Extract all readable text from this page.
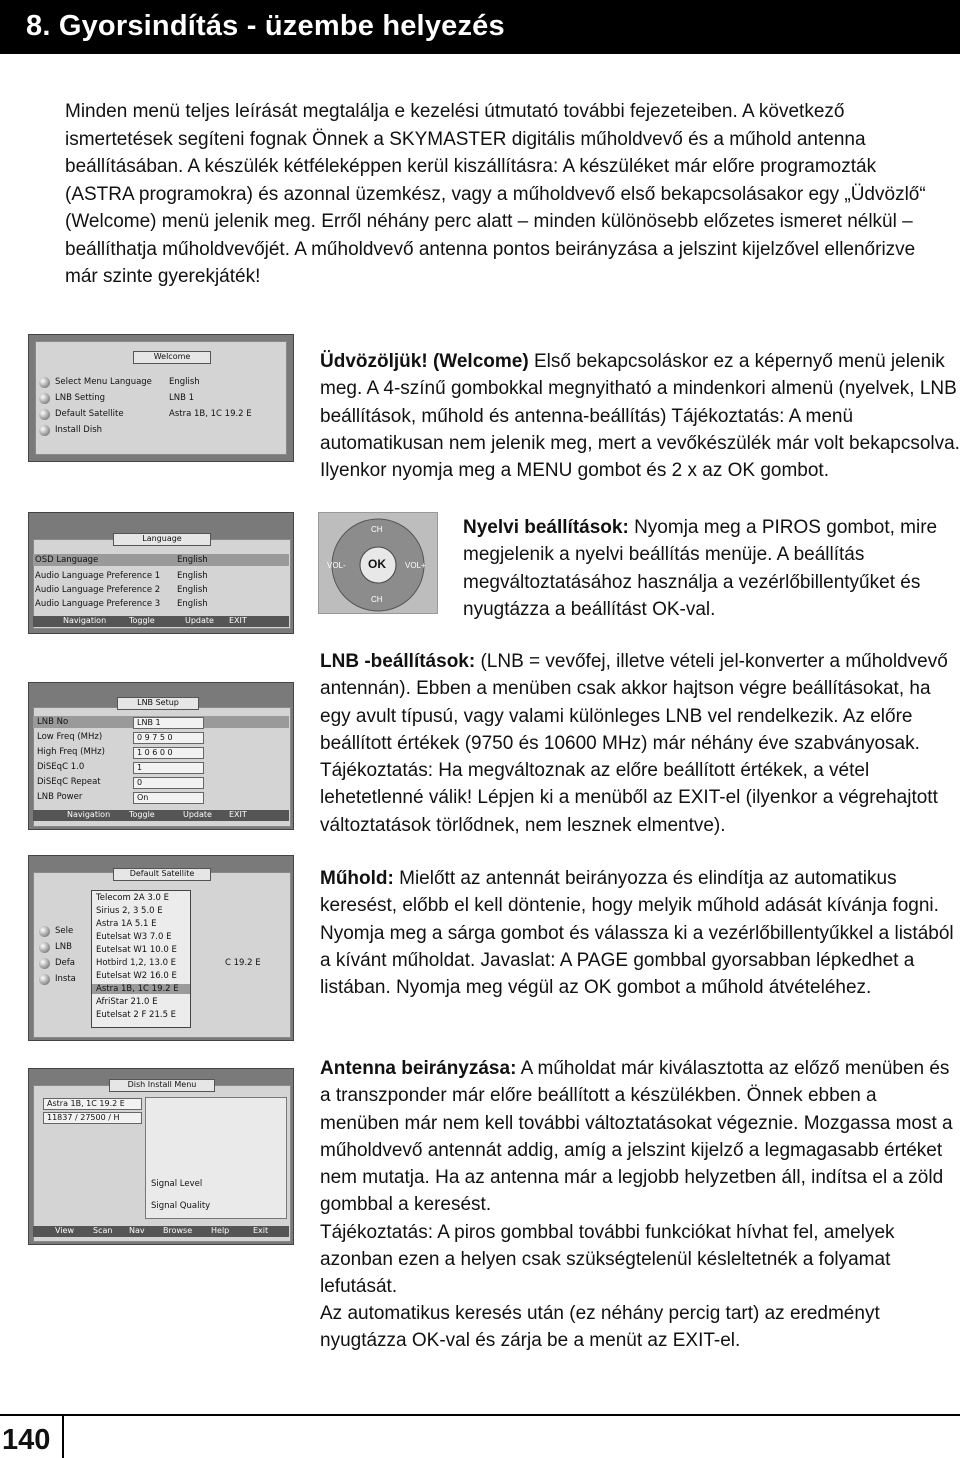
8. Gyorsindítás - üzembe helyezés
Minden menü teljes leírását megtalálja e kezelési útmutató további fejezeteiben. A következő ismertetések segíteni fognak Önnek a SKYMASTER digitális műholdvevő és a műhold antenna beállításában. A készülék kétféleképpen kerül kiszállításra: A készüléket már előre programozták (ASTRA programokra) és azonnal üzemkész, vagy a műholdvevő első bekapcsolásakor egy „Üdvözlő“ (Welcome) menü jelenik meg. Erről néhány perc alatt – minden különösebb előzetes ismeret nélkül – beállíthatja műholdvevőjét. A műholdvevő antenna pontos beirányzása a jelszint kijelzővel ellenőrizve már szinte gyerekjáték!
Welcome
Select Menu Language English
LNB Setting	LNB 1
Default Satellite	Astra 1B, 1C 19.2 E
Install Dish
Üdvözöljük! (Welcome) Első bekapcsoláskor ez a képernyő menü jelenik meg. A 4-színű gombokkal megnyitható a mindenkori almenü (nyelvek, LNB beállítások, műhold és antenna-beállítás) Tájékoztatás: A menü automatikusan nem jelenik meg, mert a vevőkészülék már volt bekapcsolva. Ilyenkor nyomja meg a MENU gombot és 2 x az OK gombot.
Language
OSD Language	English
Audio Language Preference 1 English
Audio Language Preference 2 English
Audio Language Preference 3 English
Navigation	Toggle	Update EXIT
CH
CH
VOL-	VOL+
OK
Nyelvi beállítások: Nyomja meg a PIROS gombot, mire megjelenik a nyelvi beállítás menüje. A beállítás megváltoztatásához használja a vezérlőbillentyűket és nyugtázza a beállítást OK-val.
LNB Setup
LNB No	LNB 1
Low Freq (MHz)	0 9 7 5 0
High Freq (MHz)	1 0 6 0 0
DiSEqC 1.0	1
DiSEqC Repeat	0
LNB Power	On
Navigation Toggle	Update EXIT
LNB -beállítások: (LNB = vevőfej, illetve vételi jel-konverter a műholdvevő antennán). Ebben a menüben csak akkor hajtson végre beállításokat, ha egy avult típusú, vagy valami különleges LNB vel rendelkezik. Az előre beállított értékek (9750 és 10600 MHz) már néhány éve szabványosak. Tájékoztatás: Ha megváltoznak az előre beállított értékek, a vétel lehetetlenné válik! Lépjen ki a menüből az EXIT-el (ilyenkor a végrehajtott változtatások törlődnek, nem lesznek elmentve).
Default Satellite
Sele
LNB
Defa
Insta
C 19.2 E
Telecom 2A 3.0 E
Sirius 2, 3 5.0 E
Astra 1A 5.1 E
Eutelsat W3 7.0 E
Eutelsat W1 10.0 E
Hotbird 1,2, 13.0 E
Eutelsat W2 16.0 E
Astra 1B, 1C 19.2 E
AfriStar 21.0 E
Eutelsat 2 F 21.5 E
Műhold: Mielőtt az antennát beirányozza és elindítja az automatikus keresést, előbb el kell döntenie, hogy melyik műhold adását kívánja fogni. Nyomja meg a sárga gombot és válassza ki a vezérlőbillentyűkkel a listából a kívánt műholdat. Javaslat: A PAGE gombbal gyorsabban lépkedhet a listában. Nyomja meg végül az OK gombot a műhold átvételéhez.
Dish Install Menu
Astra 1B, 1C 19.2 E
11837 / 27500 / H
Signal Level
Signal Quality
View Scan Nav Browse Help	Exit
Antenna beirányzása: A műholdat már kiválasztotta az előző menüben és a transzponder már előre beállított a készülékben. Önnek ebben a menüben már nem kell további változtatásokat végeznie. Mozgassa most a műholdvevő antennát addig, amíg a jelszint kijelző a legmagasabb értéket nem mutatja. Ha az antenna már a legjobb helyzetben áll, indítsa el a zöld gombbal a keresést.
Tájékoztatás: A piros gombbal további funkciókat hívhat fel, amelyek azonban ezen a helyen csak szükségtelenül késleltetnék a folyamat lefutását.
Az automatikus keresés után (ez néhány percig tart) az eredményt nyugtázza OK-val és zárja be a menüt az EXIT-el.
140
